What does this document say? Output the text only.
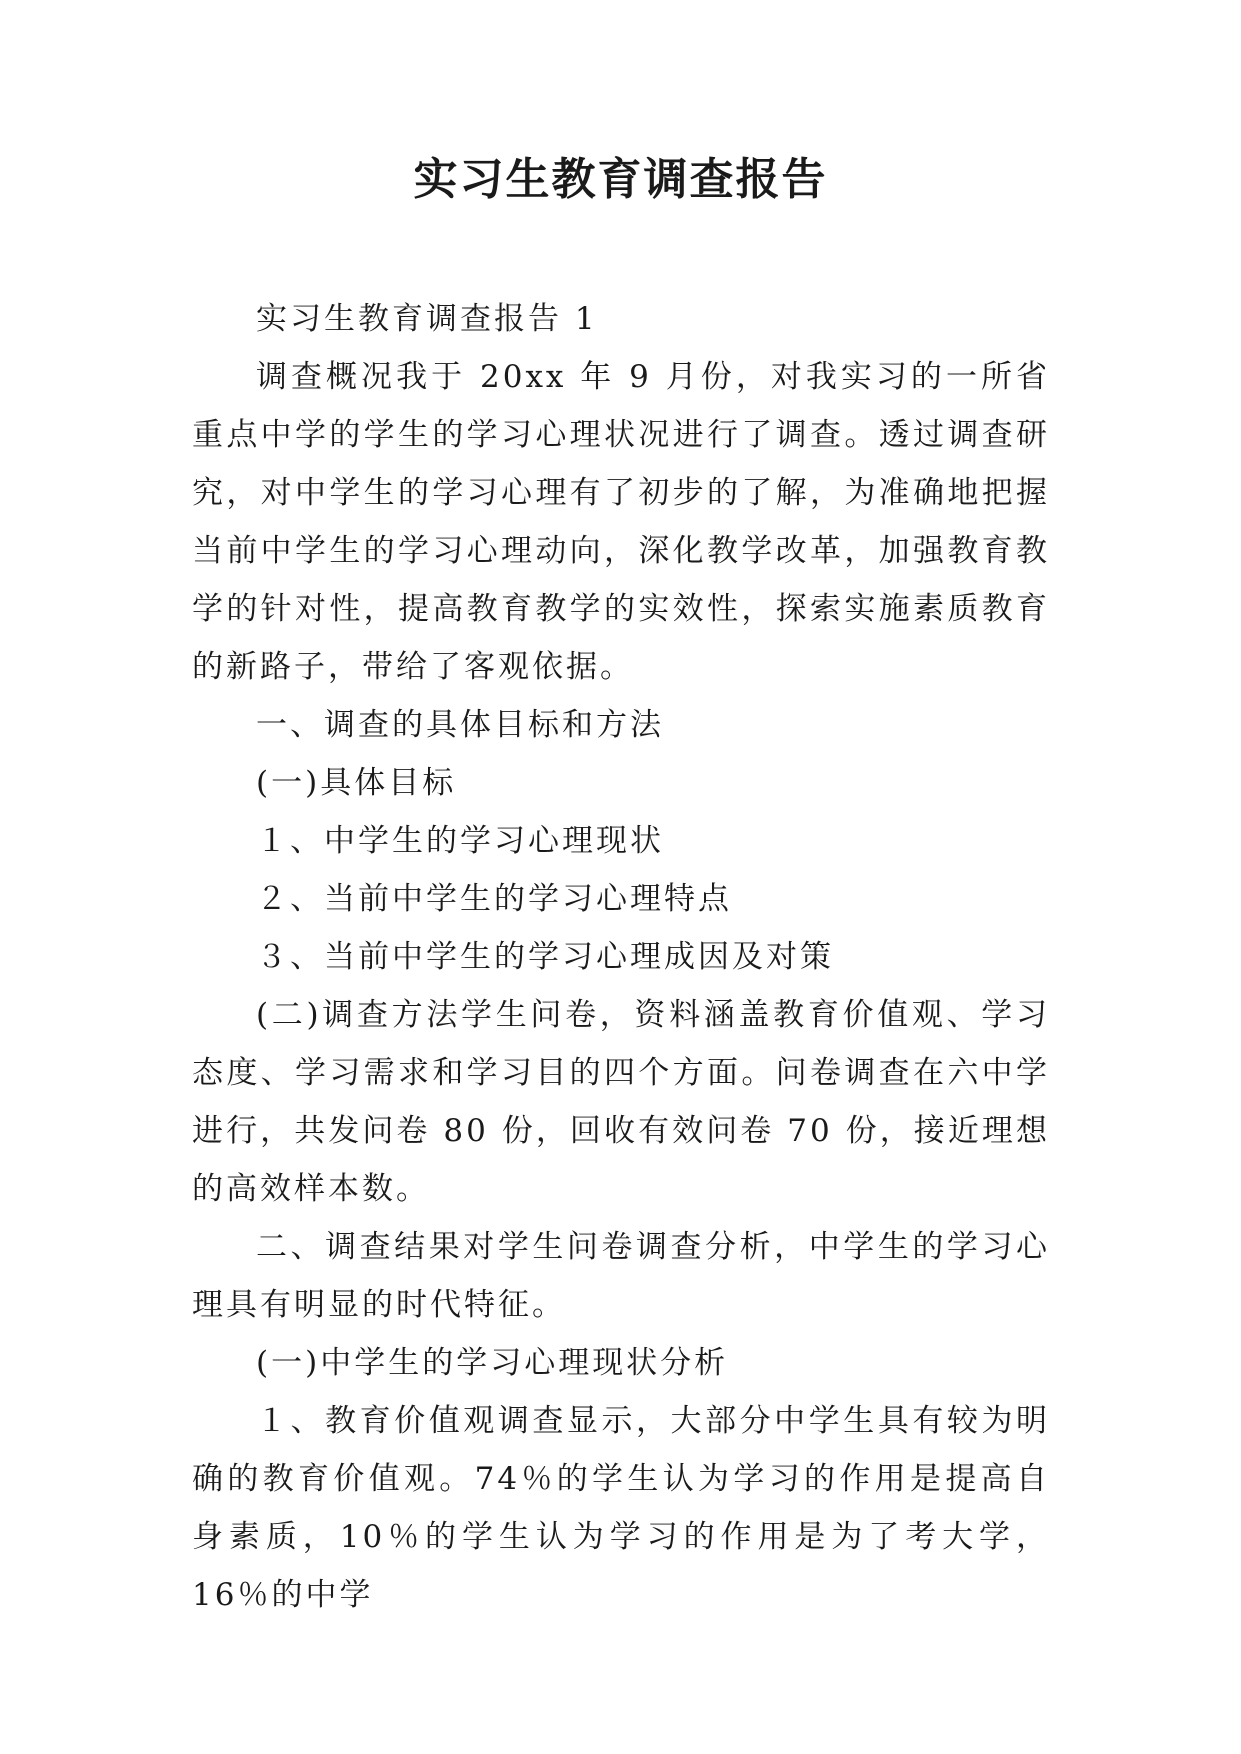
实习生教育调查报告

实习生教育调查报告 1

调查概况我于 20xx 年 9 月份，对我实习的一所省重点中学的学生的学习心理状况进行了调查。透过调查研究，对中学生的学习心理有了初步的了解，为准确地把握当前中学生的学习心理动向，深化教学改革，加强教育教学的针对性，提高教育教学的实效性，探索实施素质教育的新路子，带给了客观依据。

一、调查的具体目标和方法

(一)具体目标

１、中学生的学习心理现状

２、当前中学生的学习心理特点

３、当前中学生的学习心理成因及对策

(二)调查方法学生问卷，资料涵盖教育价值观、学习态度、学习需求和学习目的四个方面。问卷调查在六中学进行，共发问卷 80 份，回收有效问卷 70 份，接近理想的高效样本数。

二、调查结果对学生问卷调查分析，中学生的学习心理具有明显的时代特征。

(一)中学生的学习心理现状分析

１、教育价值观调查显示，大部分中学生具有较为明确的教育价值观。74％的学生认为学习的作用是提高自身素质，10％的学生认为学习的作用是为了考大学，16％的中学
